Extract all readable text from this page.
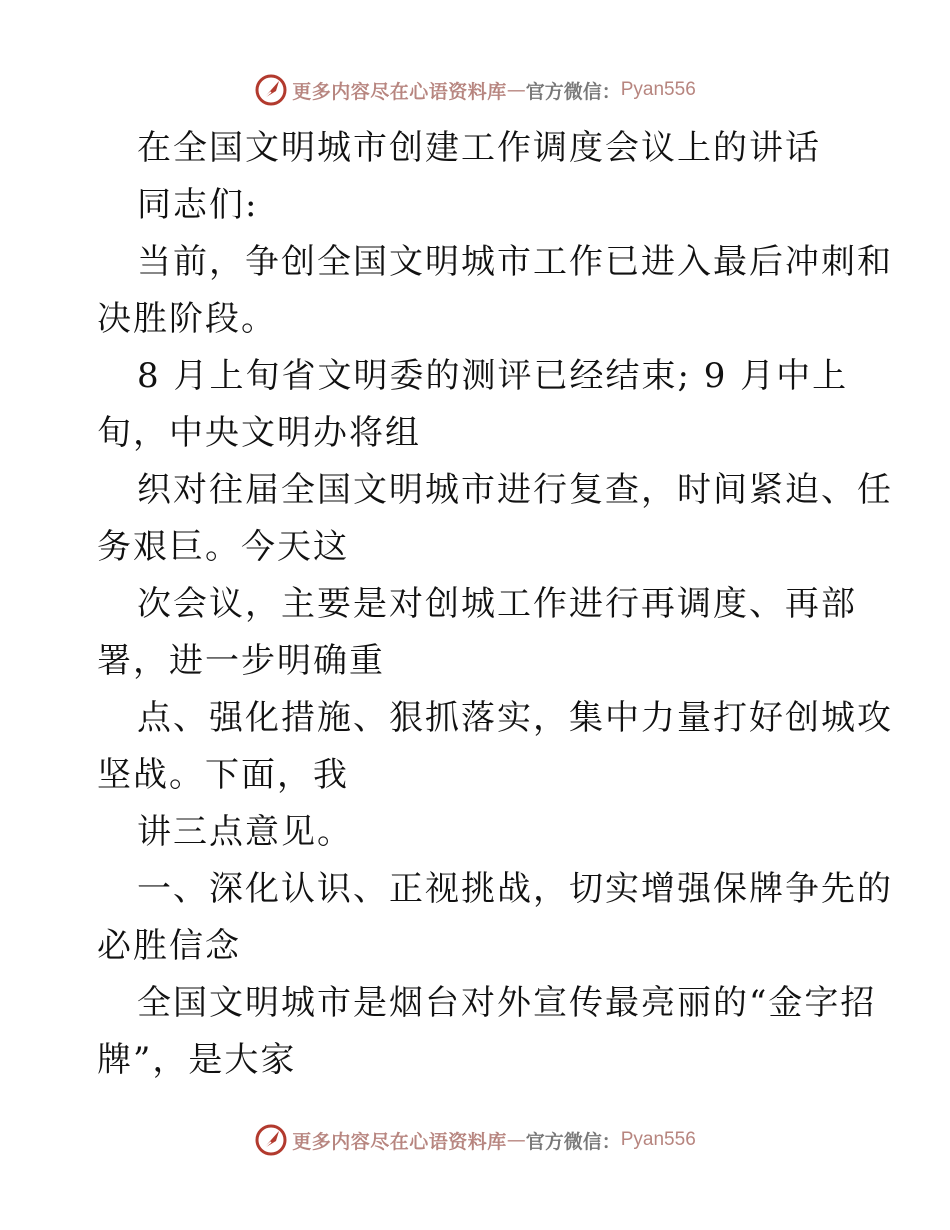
更多内容尽在心语资料库 — 官方微信： Pyan556
在全国文明城市创建工作调度会议上的讲话
同志们:
当前，争创全国文明城市工作已进入最后冲刺和
决胜阶段。
8 月上旬省文明委的测评已经结束; 9 月中上
旬，中央文明办将组
织对往届全国文明城市进行复查，时间紧迫、任
务艰巨。今天这
次会议，主要是对创城工作进行再调度、再部
署，进一步明确重
点、强化措施、狠抓落实，集中力量打好创城攻
坚战。下面，我
讲三点意见。
一、深化认识、正视挑战，切实增强保牌争先的
必胜信念
全国文明城市是烟台对外宣传最亮丽的“金字招
牌”，是大家
更多内容尽在心语资料库 — 官方微信： Pyan556
